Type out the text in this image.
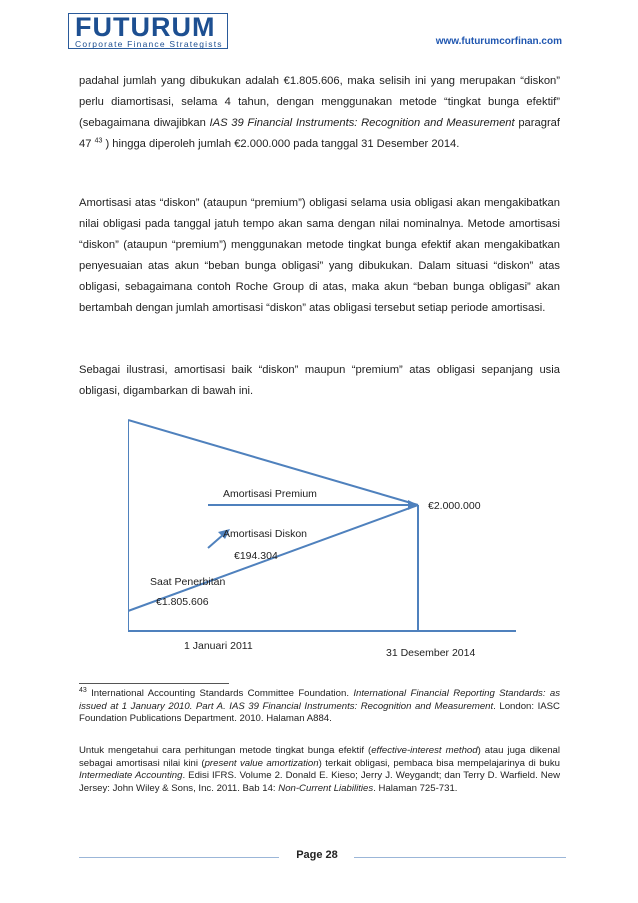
FUTURUM
Corporate Finance Strategists	www.futurumcorfinan.com
padahal jumlah yang dibukukan adalah €1.805.606, maka selisih ini yang merupakan “diskon” perlu diamortisasi, selama 4 tahun, dengan menggunakan metode “tingkat bunga efektif” (sebagaimana diwajibkan IAS 39 Financial Instruments: Recognition and Measurement paragraf 47 $^{43}$ ) hingga diperoleh jumlah €2.000.000 pada tanggal 31 Desember 2014.
Amortisasi atas “diskon” (ataupun “premium”) obligasi selama usia obligasi akan mengakibatkan nilai obligasi pada tanggal jatuh tempo akan sama dengan nilai nominalnya. Metode amortisasi “diskon” (ataupun “premium”) menggunakan metode tingkat bunga efektif akan mengakibatkan penyesuaian atas akun “beban bunga obligasi” yang dibukukan. Dalam situasi “diskon” atas obligasi, sebagaimana contoh Roche Group di atas, maka akun “beban bunga obligasi” akan bertambah dengan jumlah amortisasi “diskon” atas obligasi tersebut setiap periode amortisasi.
Sebagai ilustrasi, amortisasi baik “diskon” maupun “premium” atas obligasi sepanjang usia obligasi, digambarkan di bawah ini.
Amortisasi Premium
€2.000.000
Amortisasi Diskon
€194.304
Saat Penerbitan
€1.805.606
1 Januari 2011
31 Desember 2014
$^{43}$ International Accounting Standards Committee Foundation. International Financial Reporting Standards: as issued at 1 January 2010. Part A. IAS 39 Financial Instruments: Recognition and Measurement. London: IASC Foundation Publications Department. 2010. Halaman A884.
Untuk mengetahui cara perhitungan metode tingkat bunga efektif (effective-interest method) atau juga dikenal sebagai amortisasi nilai kini (present value amortization) terkait obligasi, pembaca bisa mempelajarinya di buku Intermediate Accounting. Edisi IFRS. Volume 2. Donald E. Kieso; Jerry J. Weygandt; dan Terry D. Warfield. New Jersey: John Wiley & Sons, Inc. 2011. Bab 14: Non-Current Liabilities. Halaman 725-731.
Page 28
